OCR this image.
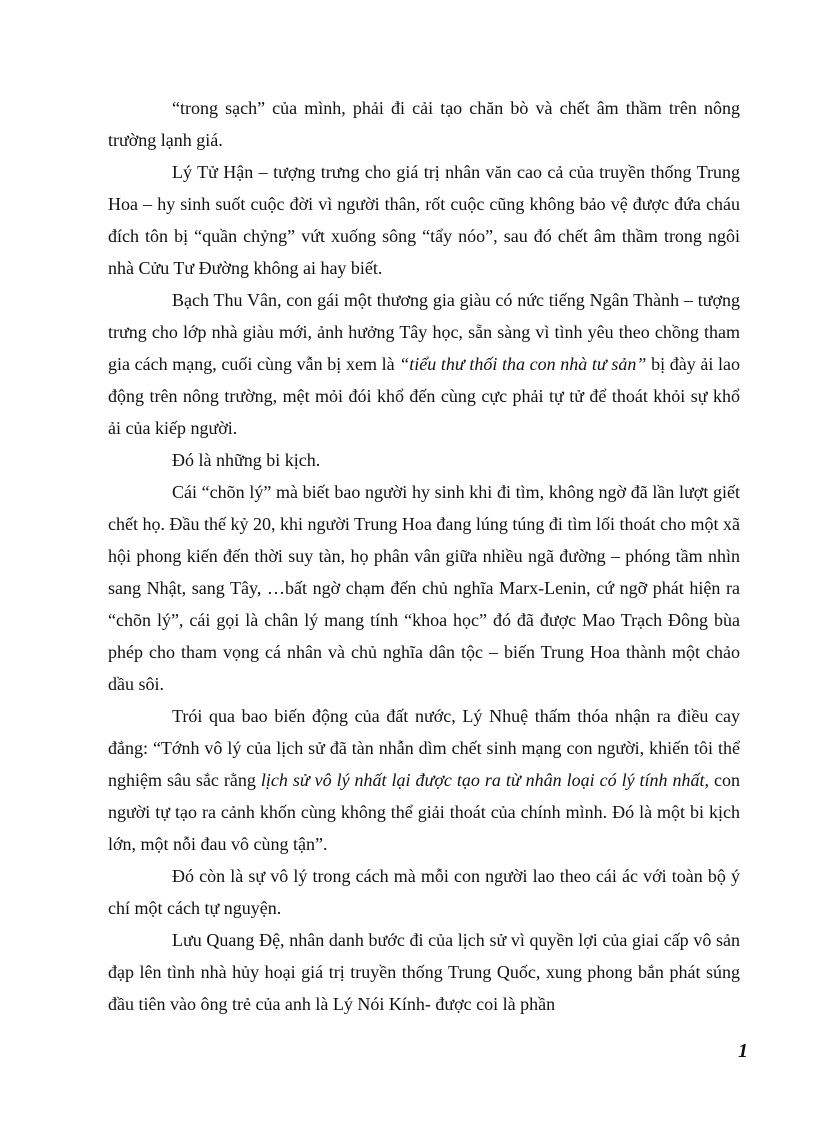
“trong sạch” của mình, phải đi cải tạo chăn bò và chết âm thầm trên nông trường lạnh giá.

Lý Tử Hận – tượng trưng cho giá trị nhân văn cao cả của truyền thống Trung Hoa – hy sinh suốt cuộc đời vì người thân, rốt cuộc cũng không bảo vệ được đứa cháu đích tôn bị “quần chỷng” vứt xuống sông “tẩy nóo”, sau đó chết âm thầm trong ngôi nhà Cửu Tư Đường không ai hay biết.

Bạch Thu Vân, con gái một thương gia giàu có nức tiếng Ngân Thành – tượng trưng cho lớp nhà giàu mới, ảnh hưởng Tây học, sẵn sàng vì tình yêu theo chồng tham gia cách mạng, cuối cùng vẫn bị xem là “tiểu thư thối tha con nhà tư sản” bị đày ải lao động trên nông trường, mệt mỏi đói khổ đến cùng cực phải tự tử để thoát khỏi sự khổ ải của kiếp người.

Đó là những bi kịch.

Cái “chõn lý” mà biết bao người hy sinh khi đi tìm, không ngờ đã lần lượt giết chết họ. Đầu thế kỷ 20, khi người Trung Hoa đang lúng túng đi tìm lối thoát cho một xã hội phong kiến đến thời suy tàn, họ phân vân giữa nhiều ngã đường – phóng tầm nhìn sang Nhật, sang Tây, …bất ngờ chạm đến chủ nghĩa Marx-Lenin, cứ ngỡ phát hiện ra “chõn lý”, cái gọi là chân lý mang tính “khoa học” đó đã được Mao Trạch Đông bùa phép cho tham vọng cá nhân và chủ nghĩa dân tộc – biến Trung Hoa thành một chảo dầu sôi.

Trói qua bao biến động của đất nước, Lý Nhuệ thấm thóa nhận ra điều cay đắng: “Tớnh vô lý của lịch sử đã tàn nhẫn dìm chết sinh mạng con người, khiến tôi thể nghiệm sâu sắc rằng lịch sử vô lý nhất lại được tạo ra từ nhân loại có lý tính nhất, con người tự tạo ra cảnh khốn cùng không thể giải thoát của chính mình. Đó là một bi kịch lớn, một nỗi đau vô cùng tận”.

Đó còn là sự vô lý trong cách mà mỗi con người lao theo cái ác với toàn bộ ý chí một cách tự nguyện.

Lưu Quang Đệ, nhân danh bước đi của lịch sử vì quyền lợi của giai cấp vô sản đạp lên tình nhà hủy hoại giá trị truyền thống Trung Quốc, xung phong bắn phát súng đầu tiên vào ông trẻ của anh là Lý Nói Kính- được coi là phần

1
